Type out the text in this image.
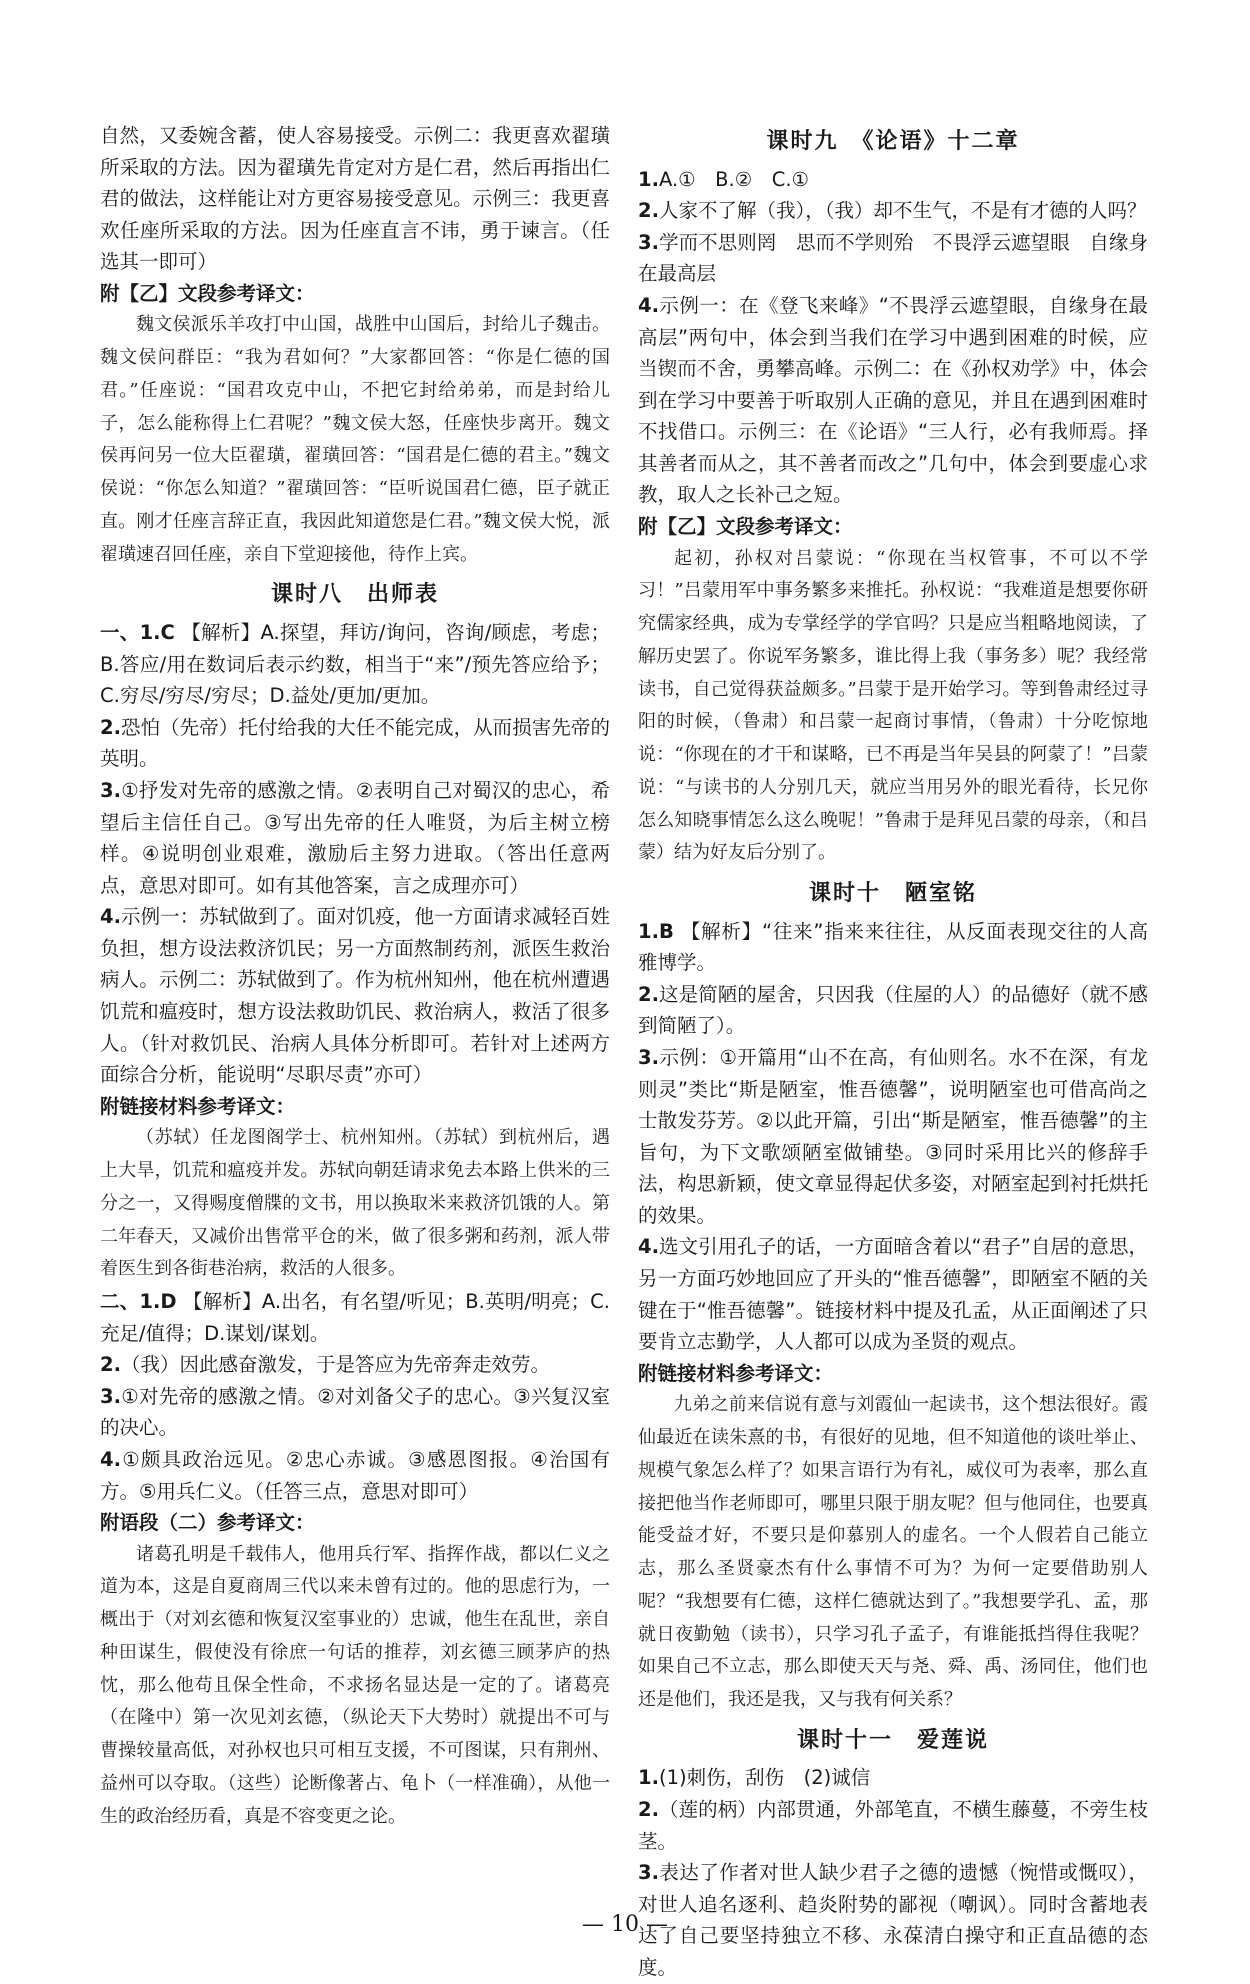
自然，又委婉含蓄，使人容易接受。示例二：我更喜欢翟璜所采取的方法。因为翟璜先肯定对方是仁君，然后再指出仁君的做法，这样能让对方更容易接受意见。示例三：我更喜欢任座所采取的方法。因为任座直言不讳，勇于谏言。（任选其一即可）

附【乙】文段参考译文：

魏文侯派乐羊攻打中山国，战胜中山国后，封给儿子魏击。魏文侯问群臣：“我为君如何？”大家都回答：“你是仁德的国君。”任座说：“国君攻克中山，不把它封给弟弟，而是封给儿子，怎么能称得上仁君呢？”魏文侯大怒，任座快步离开。魏文侯再问另一位大臣翟璜，翟璜回答：“国君是仁德的君主。”魏文侯说：“你怎么知道？”翟璜回答：“臣听说国君仁德，臣子就正直。刚才任座言辞正直，我因此知道您是仁君。”魏文侯大悦，派翟璜速召回任座，亲自下堂迎接他，待作上宾。

课时八　出师表

一、1.C 【解析】A.探望，拜访/询问，咨询/顾虑，考虑；B.答应/用在数词后表示约数，相当于“来”/预先答应给予；C.穷尽/穷尽/穷尽；D.益处/更加/更加。

2.恐怕（先帝）托付给我的大任不能完成，从而损害先帝的英明。

3.①抒发对先帝的感激之情。②表明自己对蜀汉的忠心，希望后主信任自己。③写出先帝的任人唯贤，为后主树立榜样。④说明创业艰难，激励后主努力进取。（答出任意两点，意思对即可。如有其他答案，言之成理亦可）

4.示例一：苏轼做到了。面对饥疫，他一方面请求减轻百姓负担，想方设法救济饥民；另一方面熬制药剂，派医生救治病人。示例二：苏轼做到了。作为杭州知州，他在杭州遭遇饥荒和瘟疫时，想方设法救助饥民、救治病人，救活了很多人。（针对救饥民、治病人具体分析即可。若针对上述两方面综合分析，能说明“尽职尽责”亦可）

附链接材料参考译文：

（苏轼）任龙图阁学士、杭州知州。（苏轼）到杭州后，遇上大旱，饥荒和瘟疫并发。苏轼向朝廷请求免去本路上供米的三分之一，又得赐度僧牒的文书，用以换取米来救济饥饿的人。第二年春天，又减价出售常平仓的米，做了很多粥和药剂，派人带着医生到各街巷治病，救活的人很多。

二、1.D 【解析】A.出名，有名望/听见；B.英明/明亮；C.充足/值得；D.谋划/谋划。

2.（我）因此感奋激发，于是答应为先帝奔走效劳。

3.①对先帝的感激之情。②对刘备父子的忠心。③兴复汉室的决心。

4.①颇具政治远见。②忠心赤诚。③感恩图报。④治国有方。⑤用兵仁义。（任答三点，意思对即可）

附语段（二）参考译文：

诸葛孔明是千载伟人，他用兵行军、指挥作战，都以仁义之道为本，这是自夏商周三代以来未曾有过的。他的思虑行为，一概出于（对刘玄德和恢复汉室事业的）忠诚，他生在乱世，亲自种田谋生，假使没有徐庶一句话的推荐，刘玄德三顾茅庐的热忱，那么他苟且保全性命，不求扬名显达是一定的了。诸葛亮（在隆中）第一次见刘玄德，（纵论天下大势时）就提出不可与曹操较量高低，对孙权也只可相互支援，不可图谋，只有荆州、益州可以夺取。（这些）论断像著占、龟卜（一样准确），从他一生的政治经历看，真是不容变更之论。

课时九　《论语》十二章

1.A.①　B.②　C.①

2.人家不了解（我），（我）却不生气，不是有才德的人吗？

3.学而不思则罔　思而不学则殆　不畏浮云遮望眼　自缘身在最高层

4.示例一：在《登飞来峰》“不畏浮云遮望眼，自缘身在最高层”两句中，体会到当我们在学习中遇到困难的时候，应当锲而不舍，勇攀高峰。示例二：在《孙权劝学》中，体会到在学习中要善于听取别人正确的意见，并且在遇到困难时不找借口。示例三：在《论语》“三人行，必有我师焉。择其善者而从之，其不善者而改之”几句中，体会到要虚心求教，取人之长补己之短。

附【乙】文段参考译文：

起初，孙权对吕蒙说：“你现在当权管事，不可以不学习！”吕蒙用军中事务繁多来推托。孙权说：“我难道是想要你研究儒家经典，成为专掌经学的学官吗？只是应当粗略地阅读，了解历史罢了。你说军务繁多，谁比得上我（事务多）呢？我经常读书，自己觉得获益颇多。”吕蒙于是开始学习。等到鲁肃经过寻阳的时候，（鲁肃）和吕蒙一起商讨事情，（鲁肃）十分吃惊地说：“你现在的才干和谋略，已不再是当年吴县的阿蒙了！”吕蒙说：“与读书的人分别几天，就应当用另外的眼光看待，长兄你怎么知晓事情怎么这么晚呢！”鲁肃于是拜见吕蒙的母亲，（和吕蒙）结为好友后分别了。

课时十　陋室铭

1.B 【解析】“往来”指来来往往，从反面表现交往的人高雅博学。

2.这是简陋的屋舍，只因我（住屋的人）的品德好（就不感到简陋了）。

3.示例：①开篇用“山不在高，有仙则名。水不在深，有龙则灵”类比“斯是陋室，惟吾德馨”，说明陋室也可借高尚之士散发芬芳。②以此开篇，引出“斯是陋室，惟吾德馨”的主旨句，为下文歌颂陋室做铺垫。③同时采用比兴的修辞手法，构思新颖，使文章显得起伏多姿，对陋室起到衬托烘托的效果。

4.选文引用孔子的话，一方面暗含着以“君子”自居的意思，另一方面巧妙地回应了开头的“惟吾德馨”，即陋室不陋的关键在于“惟吾德馨”。链接材料中提及孔孟，从正面阐述了只要肯立志勤学，人人都可以成为圣贤的观点。

附链接材料参考译文：

九弟之前来信说有意与刘霞仙一起读书，这个想法很好。霞仙最近在读朱熹的书，有很好的见地，但不知道他的谈吐举止、规模气象怎么样了？如果言语行为有礼，威仪可为表率，那么直接把他当作老师即可，哪里只限于朋友呢？但与他同住，也要真能受益才好，不要只是仰慕别人的虚名。一个人假若自己能立志，那么圣贤豪杰有什么事情不可为？为何一定要借助别人呢？“我想要有仁德，这样仁德就达到了。”我想要学孔、孟，那就日夜勤勉（读书），只学习孔子孟子，有谁能抵挡得住我呢？如果自己不立志，那么即使天天与尧、舜、禹、汤同住，他们也还是他们，我还是我，又与我有何关系？

课时十一　爱莲说

1.(1)刺伤，刮伤　(2)诚信

2.（莲的柄）内部贯通，外部笔直，不横生藤蔓，不旁生枝茎。

3.表达了作者对世人缺少君子之德的遗憾（惋惜或慨叹），对世人追名逐利、趋炎附势的鄙视（嘲讽）。同时含蓄地表达了自己要坚持独立不移、永葆清白操守和正直品德的态度。

— 10 —
